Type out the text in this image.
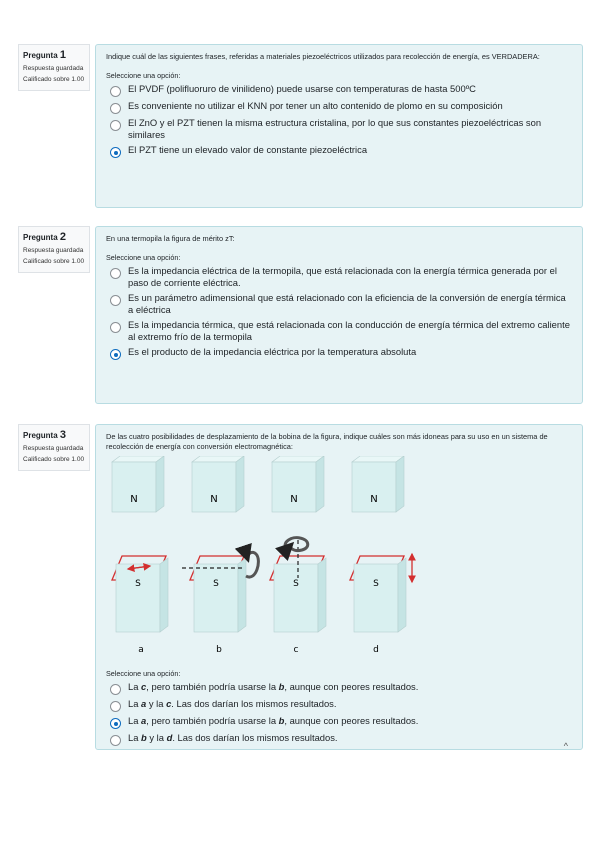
Pregunta 1
Respuesta guardada
Calificado sobre 1.00
Indique cuál de las siguientes frases, referidas a materiales piezoeléctricos utilizados para recolección de energía, es VERDADERA:
Seleccione una opción:
El PVDF (polifluoruro de vinilideno) puede usarse con temperaturas de hasta 500ºC
Es conveniente no utilizar el KNN por tener un alto contenido de plomo en su composición
El ZnO y el PZT tienen la misma estructura cristalina, por lo que sus constantes piezoeléctricas son similares
El PZT tiene un elevado valor de constante piezoeléctrica
Pregunta 2
Respuesta guardada
Calificado sobre 1.00
En una termopila la figura de mérito zT:
Seleccione una opción:
Es la impedancia eléctrica de la termopila, que está relacionada con la energía térmica generada por el paso de corriente eléctrica.
Es un parámetro adimensional que está relacionado con la eficiencia de la conversión de energía térmica a eléctrica
Es la impedancia térmica, que está relacionada con la conducción de energía térmica del extremo caliente al extremo frío de la termopila
Es el producto de la impedancia eléctrica por la temperatura absoluta
Pregunta 3
Respuesta guardada
Calificado sobre 1.00
De las cuatro posibilidades de desplazamiento de la bobina de la figura, indique cuáles son más idoneas para su uso en un sistema de recolección de energía con conversión electromagnética:
N
S
a
N
S
b
N
S
c
N
S
d
Seleccione una opción:
La c, pero también podría usarse la b, aunque con peores resultados.
La a y la c. Las dos darían los mismos resultados.
La a, pero también podría usarse la b, aunque con peores resultados.
La b y la d. Las dos darían los mismos resultados.
^
